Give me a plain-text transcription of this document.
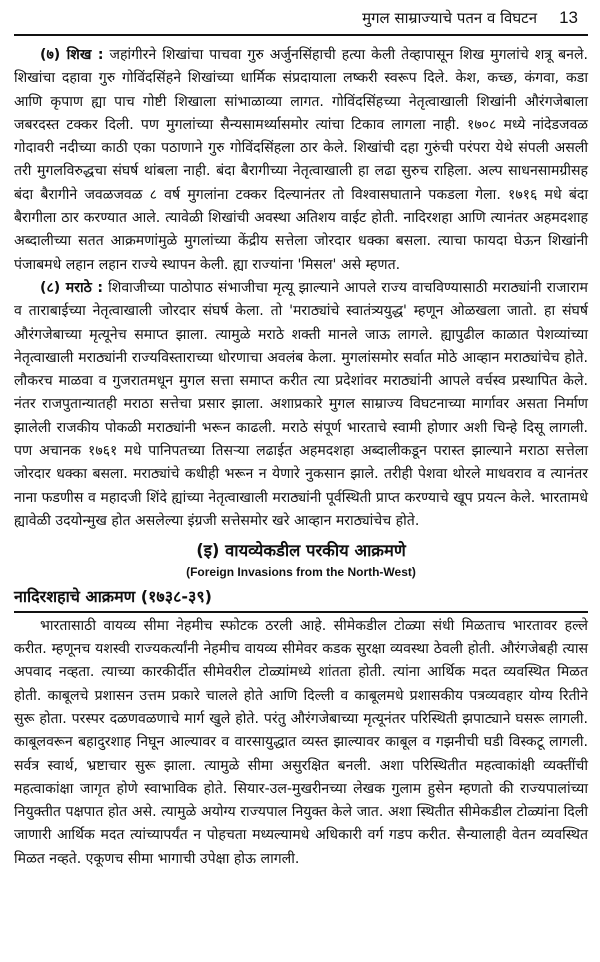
मुगल साम्राज्याचे पतन व विघटन 13

(७) शिख : जहांगीरने शिखांचा पाचवा गुरु अर्जुनसिंहाची हत्या केली तेव्हापासून शिख मुगलांचे शत्रू बनले. शिखांचा दहावा गुरु गोविंदसिंहने शिखांच्या धार्मिक संप्रदायाला लष्करी स्वरूप दिले. केश, कच्छ, कंगवा, कडा आणि कृपाण ह्या पाच गोष्टी शिखाला सांभाळाव्या लागत. गोविंदसिंहच्या नेतृत्वाखाली शिखांनी औरंगजेबाला जबरदस्त टक्कर दिली. पण मुगलांच्या सैन्यसामर्थ्यासमोर त्यांचा टिकाव लागला नाही. १७०८ मध्ये नांदेडजवळ गोदावरी नदीच्या काठी एका पठाणाने गुरु गोविंदसिंहला ठार केले. शिखांची दहा गुरुंची परंपरा येथे संपली असली तरी मुगलविरुद्धचा संघर्ष थांबला नाही. बंदा बैरागीच्या नेतृत्वाखाली हा लढा सुरुच राहिला. अल्प साधनसामग्रीसह बंदा बैरागीने जवळजवळ ८ वर्ष मुगलांना टक्कर दिल्यानंतर तो विश्वासघाताने पकडला गेला. १७१६ मधे बंदा बैरागीला ठार करण्यात आले. त्यावेळी शिखांची अवस्था अतिशय वाईट होती. नादिरशहा आणि त्यानंतर अहमदशाह अब्दालीच्या सतत आक्रमणांमुळे मुगलांच्या केंद्रीय सत्तेला जोरदार धक्का बसला. त्याचा फायदा घेऊन शिखांनी पंजाबमधे लहान लहान राज्ये स्थापन केली. ह्या राज्यांना 'मिसल' असे म्हणत.

(८) मराठे : शिवाजीच्या पाठोपाठ संभाजीचा मृत्यू झाल्याने आपले राज्य वाचविण्यासाठी मराठ्यांनी राजाराम व ताराबाईच्या नेतृत्वाखाली जोरदार संघर्ष केला. तो 'मराठ्यांचे स्वातंत्र्ययुद्ध' म्हणून ओळखला जातो. हा संघर्ष औरंगजेबाच्या मृत्यूनेच समाप्त झाला. त्यामुळे मराठे शक्ती मानले जाऊ लागले. ह्यापुढील काळात पेशव्यांच्या नेतृत्वाखाली मराठ्यांनी राज्यविस्ताराच्या धोरणाचा अवलंब केला. मुगलांसमोर सर्वात मोठे आव्हान मराठ्यांचेच होते. लौकरच माळवा व गुजरातमधून मुगल सत्ता समाप्त करीत त्या प्रदेशांवर मराठ्यांनी आपले वर्चस्व प्रस्थापित केले. नंतर राजपुतान्यातही मराठा सत्तेचा प्रसार झाला. अशाप्रकारे मुगल साम्राज्य विघटनाच्या मार्गावर असता निर्माण झालेली राजकीय पोकळी मराठ्यांनी भरून काढली. मराठे संपूर्ण भारताचे स्वामी होणार अशी चिन्हे दिसू लागली. पण अचानक १७६१ मधे पानिपतच्या तिसऱ्या लढाईत अहमदशहा अब्दालीकडून परास्त झाल्याने मराठा सत्तेला जोरदार धक्का बसला. मराठ्यांचे कधीही भरून न येणारे नुकसान झाले. तरीही पेशवा थोरले माधवराव व त्यानंतर नाना फडणीस व महादजी शिंदे ह्यांच्या नेतृत्वाखाली मराठ्यांनी पूर्वस्थिती प्राप्त करण्याचे खूप प्रयत्न केले. भारतामधे ह्यावेळी उदयोन्मुख होत असलेल्या इंग्रजी सत्तेसमोर खरे आव्हान मराठ्यांचेच होते.

(इ) वायव्येकडील परकीय आक्रमणे
(Foreign Invasions from the North-West)
नादिरशहाचे आक्रमण (१७३८-३९)

भारतासाठी वायव्य सीमा नेहमीच स्फोटक ठरली आहे. सीमेकडील टोळ्या संधी मिळताच भारतावर हल्ले करीत. म्हणूनच यशस्वी राज्यकर्त्यांनी नेहमीच वायव्य सीमेवर कडक सुरक्षा व्यवस्था ठेवली होती. औरंगजेबही त्यास अपवाद नव्हता. त्याच्या कारकीर्दीत सीमेवरील टोळ्यांमध्ये शांतता होती. त्यांना आर्थिक मदत व्यवस्थित मिळत होती. काबूलचे प्रशासन उत्तम प्रकारे चालले होते आणि दिल्ली व काबूलमधे प्रशासकीय पत्रव्यवहार योग्य रितीने सुरू होता. परस्पर दळणवळणाचे मार्ग खुले होते. परंतु औरंगजेबाच्या मृत्यूनंतर परिस्थिती झपाट्याने घसरू लागली. काबूलवरून बहादुरशाह निघून आल्यावर व वारसायुद्धात व्यस्त झाल्यावर काबूल व गझनीची घडी विस्कटू लागली. सर्वत्र स्वार्थ, भ्रष्टाचार सुरू झाला. त्यामुळे सीमा असुरक्षित बनली. अशा परिस्थितीत महत्वाकांक्षी व्यक्तींची महत्वाकांक्षा जागृत होणे स्वाभाविक होते. सियार-उल-मुखरीनच्या लेखक गुलाम हुसेन म्हणतो की राज्यपालांच्या नियुक्तीत पक्षपात होत असे. त्यामुळे अयोग्य राज्यपाल नियुक्त केले जात. अशा स्थितीत सीमेकडील टोळ्यांना दिली जाणारी आर्थिक मदत त्यांच्यापर्यंत न पोहचता मध्यल्यामधे अधिकारी वर्ग गडप करीत. सैन्यालाही वेतन व्यवस्थित मिळत नव्हते. एकूणच सीमा भागाची उपेक्षा होऊ लागली.
